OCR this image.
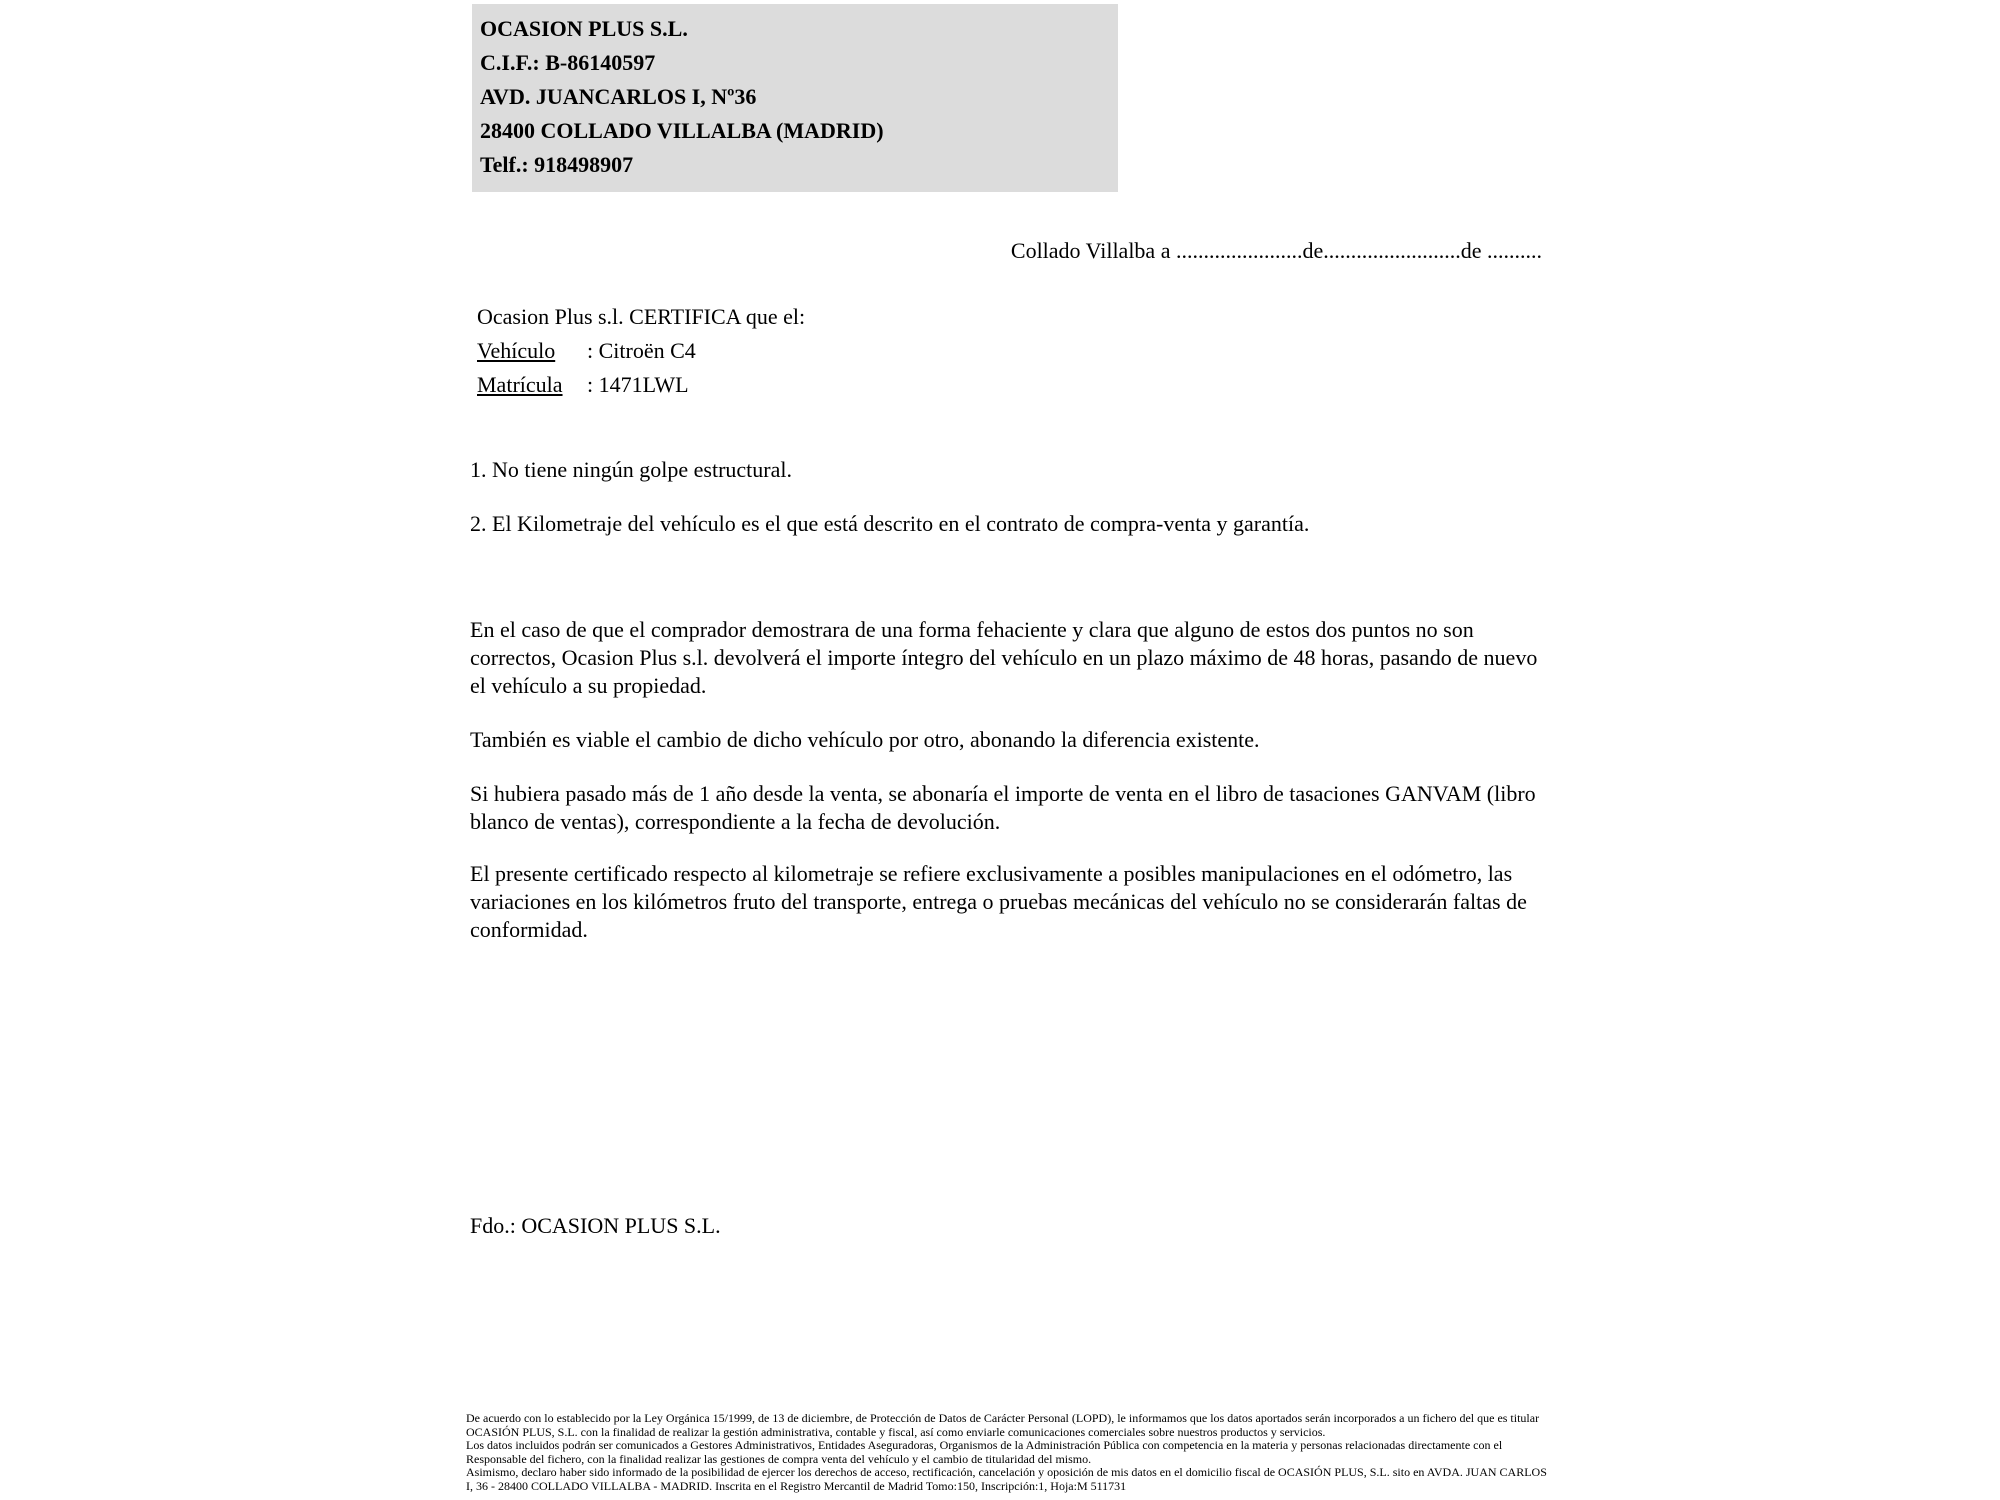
OCASION PLUS S.L.
C.I.F.: B-86140597
AVD. JUANCARLOS I, Nº36
28400 COLLADO VILLALBA (MADRID)
Telf.: 918498907
Collado Villalba a .......................de.........................de ..........
Ocasion Plus s.l. CERTIFICA que el:
Vehículo : Citroën C4
Matrícula : 1471LWL
1. No tiene ningún golpe estructural.
2. El Kilometraje del vehículo es el que está descrito en el contrato de compra-venta y garantía.
En el caso de que el comprador demostrara de una forma fehaciente y clara que alguno de estos dos puntos no son correctos, Ocasion Plus s.l. devolverá el importe íntegro del vehículo en un plazo máximo de 48 horas, pasando de nuevo el vehículo a su propiedad.
También es viable el cambio de dicho vehículo por otro, abonando la diferencia existente.
Si hubiera pasado más de 1 año desde la venta, se abonaría el importe de venta en el libro de tasaciones GANVAM (libro blanco de ventas), correspondiente a la fecha de devolución.
El presente certificado respecto al kilometraje se refiere exclusivamente a posibles manipulaciones en el odómetro, las variaciones en los kilómetros fruto del transporte, entrega o pruebas mecánicas del vehículo no se considerarán faltas de conformidad.
Fdo.: OCASION PLUS S.L.
De acuerdo con lo establecido por la Ley Orgánica 15/1999, de 13 de diciembre, de Protección de Datos de Carácter Personal (LOPD), le informamos que los datos aportados serán incorporados a un fichero del que es titular OCASIÓN PLUS, S.L. con la finalidad de realizar la gestión administrativa, contable y fiscal, así como enviarle comunicaciones comerciales sobre nuestros productos y servicios.
Los datos incluidos podrán ser comunicados a Gestores Administrativos, Entidades Aseguradoras, Organismos de la Administración Pública con competencia en la materia y personas relacionadas directamente con el Responsable del fichero, con la finalidad realizar las gestiones de compra venta del vehículo y el cambio de titularidad del mismo.
Asimismo, declaro haber sido informado de la posibilidad de ejercer los derechos de acceso, rectificación, cancelación y oposición de mis datos en el domicilio fiscal de OCASIÓN PLUS, S.L. sito en AVDA. JUAN CARLOS I, 36 - 28400 COLLADO VILLALBA - MADRID. Inscrita en el Registro Mercantil de Madrid Tomo:150, Inscripción:1, Hoja:M 511731
